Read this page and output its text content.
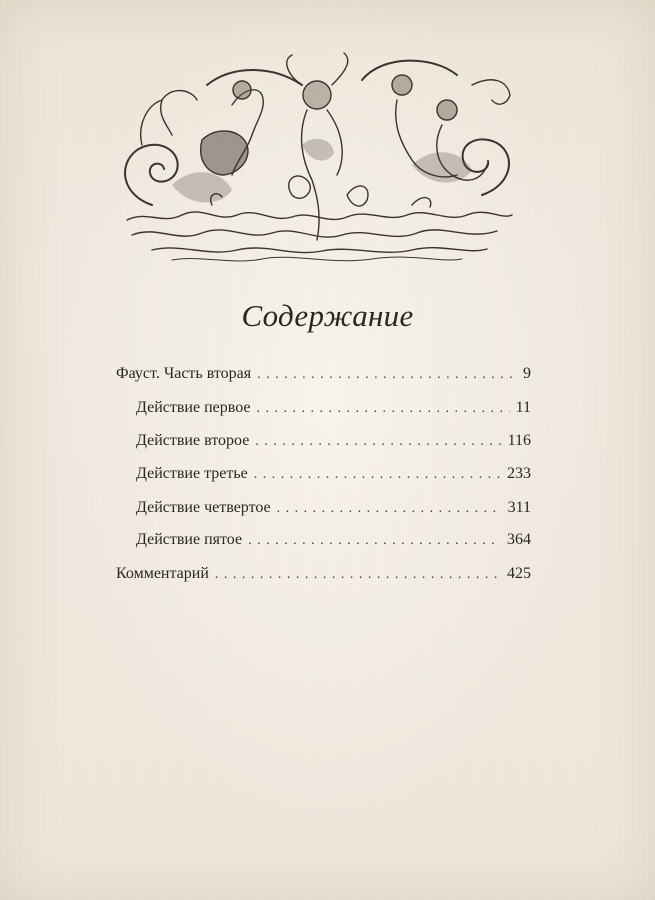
Содержание
Фауст. Часть вторая . . .	9
Действие первое . . .	11
Действие второе . . .	116
Действие третье . . .	233
Действие четвертое . . .	311
Действие пятое . . .	364
Комментарий . . .	425
